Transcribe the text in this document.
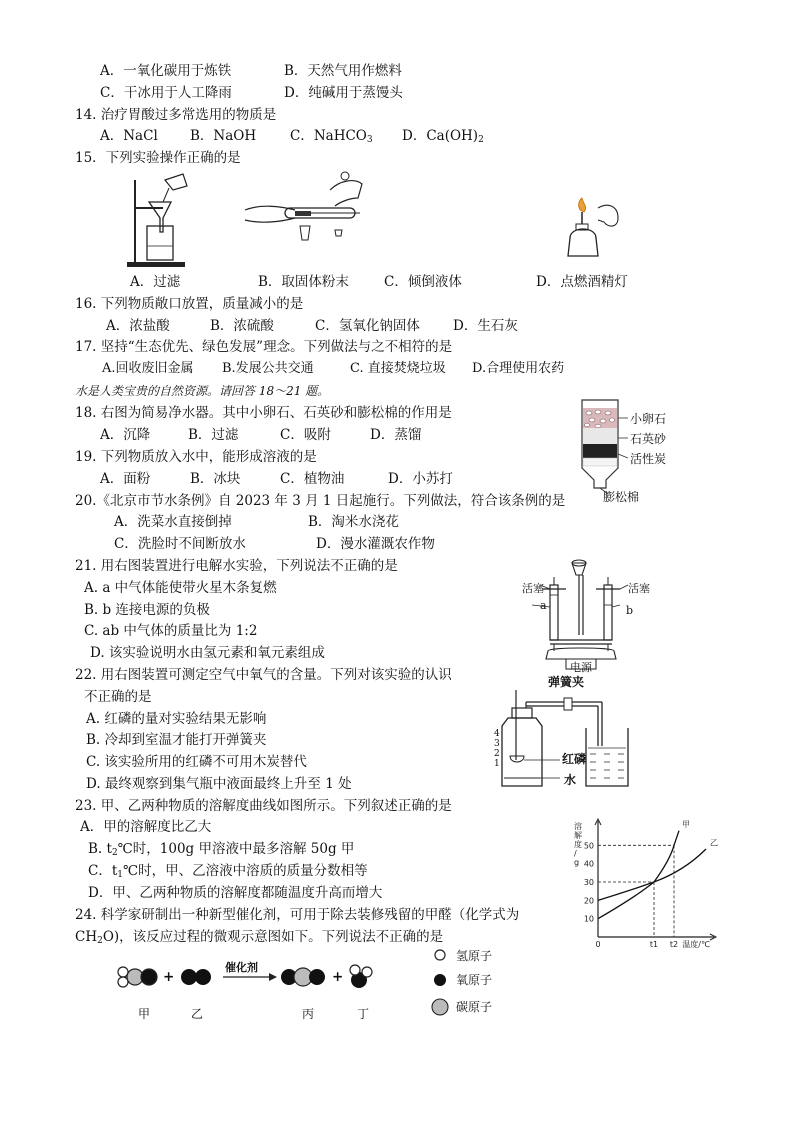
A．一氧化碳用于炼铁	B．天然气用作燃料
C．干冰用于人工降雨	D．纯碱用于蒸馒头
14. 治疗胃酸过多常选用的物质是
A．NaCl B．NaOH	C．NaHCO$_3$ D．$Ca(OH)_2$
15．下列实验操作正确的是
A．过滤	B．取固体粉末	C．倾倒液体	D．点燃酒精灯
16. 下列物质敞口放置，质量减小的是
A．浓盐酸	B．浓硫酸	C．氢氧化钠固体 D．生石灰
17. 坚持“生态优先、绿色发展”理念。下列做法与之不相符的是
A.回收废旧金属 B.发展公共交通	C. 直接焚烧垃圾 D.合理使用农药
水是人类宝贵的自然资源。请回答 18～21 题。
18. 右图为简易净水器。其中小卵石、石英砂和膨松棉的作用是
A．沉降	B．过滤	C．吸附	D．蒸馏
小卵石
石英砂
活性炭
膨松棉
19. 下列物质放入水中，能形成溶液的是
A．面粉	B．冰块	C．植物油	D．小苏打
20.《北京市节水条例》自 2023 年 3 月 1 日起施行。下列做法，符合该条例的是
A．洗菜水直接倒掉	B．淘米水浇花
C．洗脸时不间断放水	D．漫水灌溉农作物
21. 用右图装置进行电解水实验，下列说法不正确的是
A. a 中气体能使带火星木条复燃
B. b 连接电源的负极
C. ab 中气体的质量比为 1:2
D. 该实验说明水由氢元素和氧元素组成
活塞	活塞
a	b
电源
22. 用右图装置可测定空气中氧气的含量。下列对该实验的认识
不正确的是
A. 红磷的量对实验结果无影响
B. 冷却到室温才能打开弹簧夹
C. 该实验所用的红磷不可用木炭替代
D. 最终观察到集气瓶中液面最终上升至 1 处
弹簧夹
红磷
水
4
3
2
1
23. 甲、乙两种物质的溶解度曲线如图所示。下列叙述正确的是
A．甲的溶解度比乙大
B. $t_2℃$时，100g 甲溶液中最多溶解 50g 甲
C．$t_1℃$时，甲、乙溶液中溶质的质量分数相等
D．甲、乙两种物质的溶解度都随温度升高而增大
10
20
30
40
50
0	t1 t2
甲
乙
溶
解
度
/
g
温度/℃
24. 科学家研制出一种新型催化剂，可用于除去装修残留的甲醛（化学式为
$CH_2O$)，该反应过程的微观示意图如下。下列说法不正确的是
+	+
催化剂
甲	乙	丙	丁
氢原子
氧原子
碳原子
